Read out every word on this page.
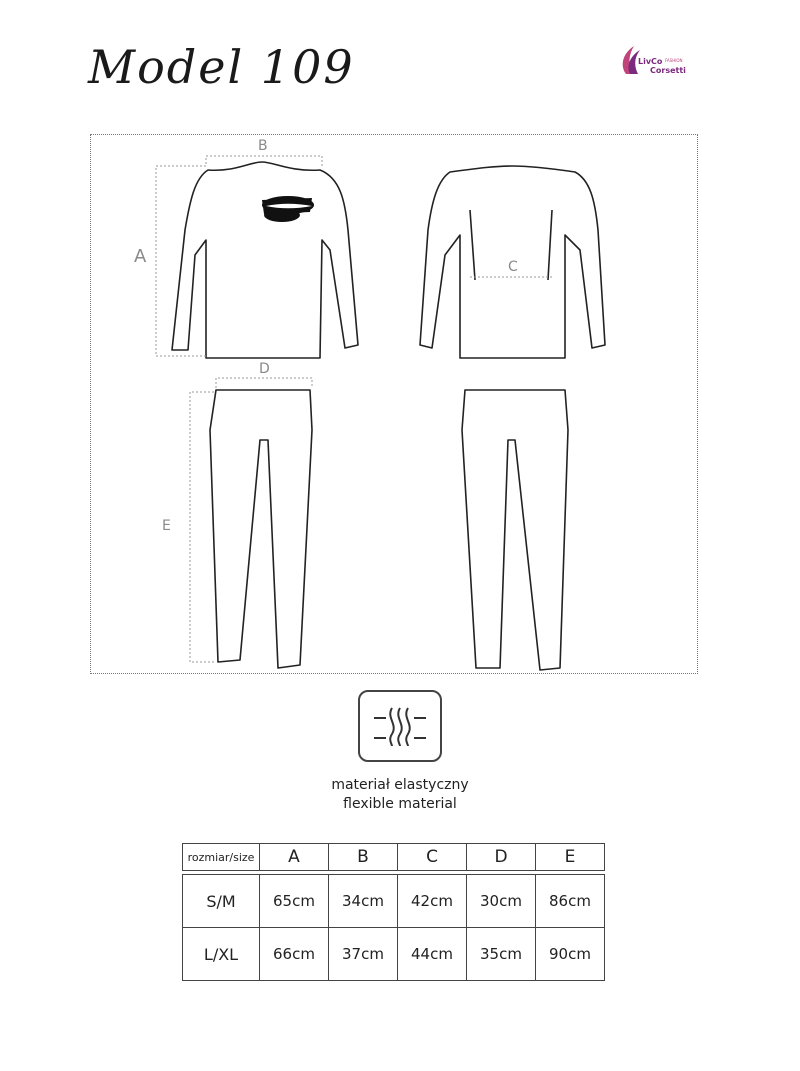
Model 109	LivCo FASHION
Corsetti
B
A	C
D
E
materiał elastyczny
flexible material
rozmiar/size	A	B	C	D	E

S/M	65cm	34cm	42cm	30cm	86cm
L/XL	66cm	37cm	44cm	35cm	90cm
